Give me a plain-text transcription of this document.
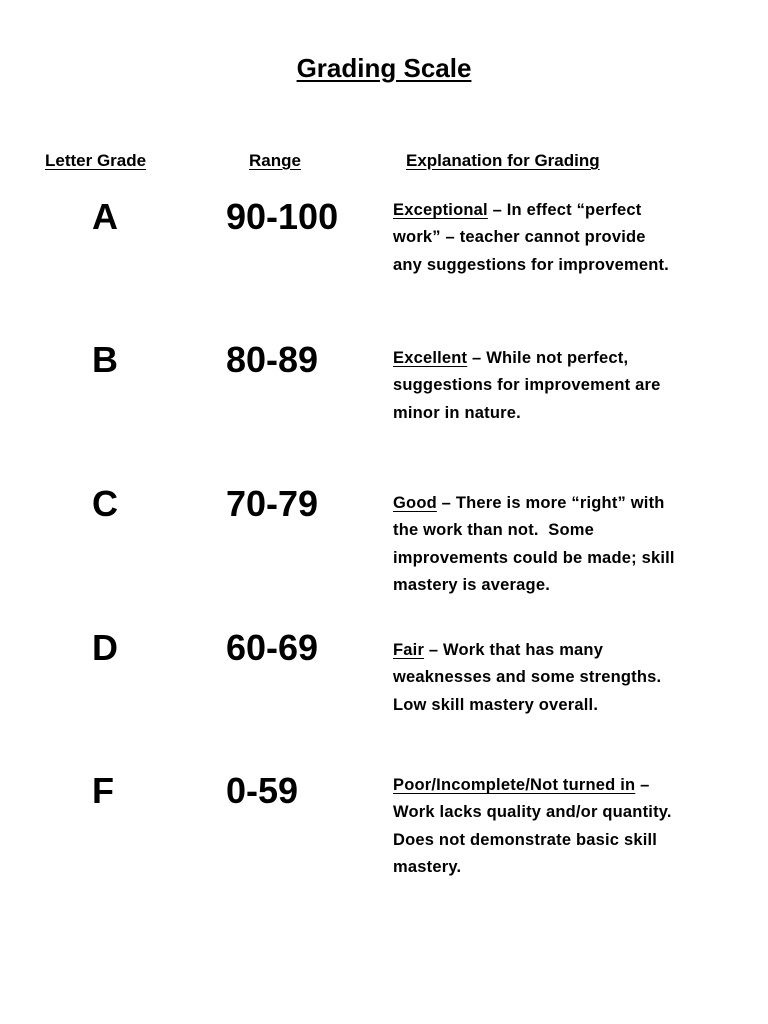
Grading Scale
Letter Grade	Range	Explanation for Grading
A	90-100	Exceptional – In effect “perfect
work” – teacher cannot provide
any suggestions for improvement.
B	80-89	Excellent – While not perfect,
suggestions for improvement are
minor in nature.
C	70-79	Good – There is more “right” with
the work than not.  Some
improvements could be made; skill
mastery is average.
D	60-69	Fair – Work that has many
weaknesses and some strengths.
Low skill mastery overall.
F	0-59	Poor/Incomplete/Not turned in –
Work lacks quality and/or quantity.
Does not demonstrate basic skill
mastery.
